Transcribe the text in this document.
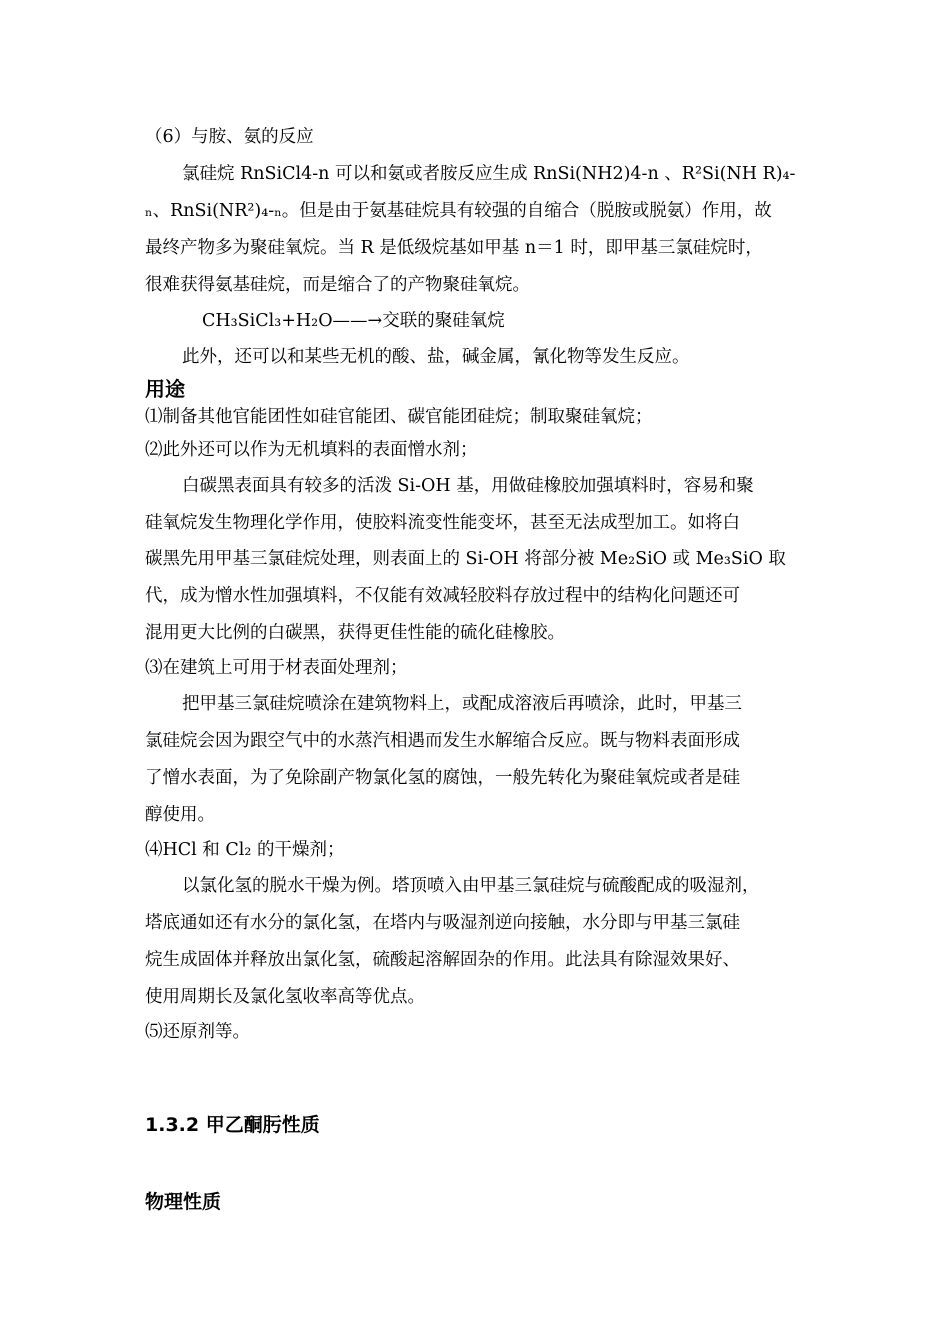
（6）与胺、氨的反应
氯硅烷 RnSiCl4-n 可以和氨或者胺反应生成 RnSi(NH2)4-n 、R²Si(NH R)₄-
ₙ、RnSi(NR²)₄-ₙ。但是由于氨基硅烷具有较强的自缩合（脱胺或脱氨）作用，故
最终产物多为聚硅氧烷。当 R 是低级烷基如甲基 n＝1 时，即甲基三氯硅烷时，
很难获得氨基硅烷，而是缩合了的产物聚硅氧烷。
CH₃SiCl₃+H₂O——→交联的聚硅氧烷
此外，还可以和某些无机的酸、盐，碱金属，氰化物等发生反应。
用途
⑴制备其他官能团性如硅官能团、碳官能团硅烷；制取聚硅氧烷；
⑵此外还可以作为无机填料的表面憎水剂；
白碳黑表面具有较多的活泼 Si-OH 基，用做硅橡胶加强填料时，容易和聚
硅氧烷发生物理化学作用，使胶料流变性能变坏，甚至无法成型加工。如将白
碳黑先用甲基三氯硅烷处理，则表面上的 Si-OH 将部分被 Me₂SiO 或 Me₃SiO 取
代，成为憎水性加强填料，不仅能有效减轻胶料存放过程中的结构化问题还可
混用更大比例的白碳黑，获得更佳性能的硫化硅橡胶。
⑶在建筑上可用于材表面处理剂；
把甲基三氯硅烷喷涂在建筑物料上，或配成溶液后再喷涂，此时，甲基三
氯硅烷会因为跟空气中的水蒸汽相遇而发生水解缩合反应。既与物料表面形成
了憎水表面，为了免除副产物氯化氢的腐蚀，一般先转化为聚硅氧烷或者是硅
醇使用。
⑷HCl 和 Cl₂ 的干燥剂；
以氯化氢的脱水干燥为例。塔顶喷入由甲基三氯硅烷与硫酸配成的吸湿剂，
塔底通如还有水分的氯化氢，在塔内与吸湿剂逆向接触，水分即与甲基三氯硅
烷生成固体并释放出氯化氢，硫酸起溶解固杂的作用。此法具有除湿效果好、
使用周期长及氯化氢收率高等优点。
⑸还原剂等。
1.3.2 甲乙酮肟性质
物理性质
